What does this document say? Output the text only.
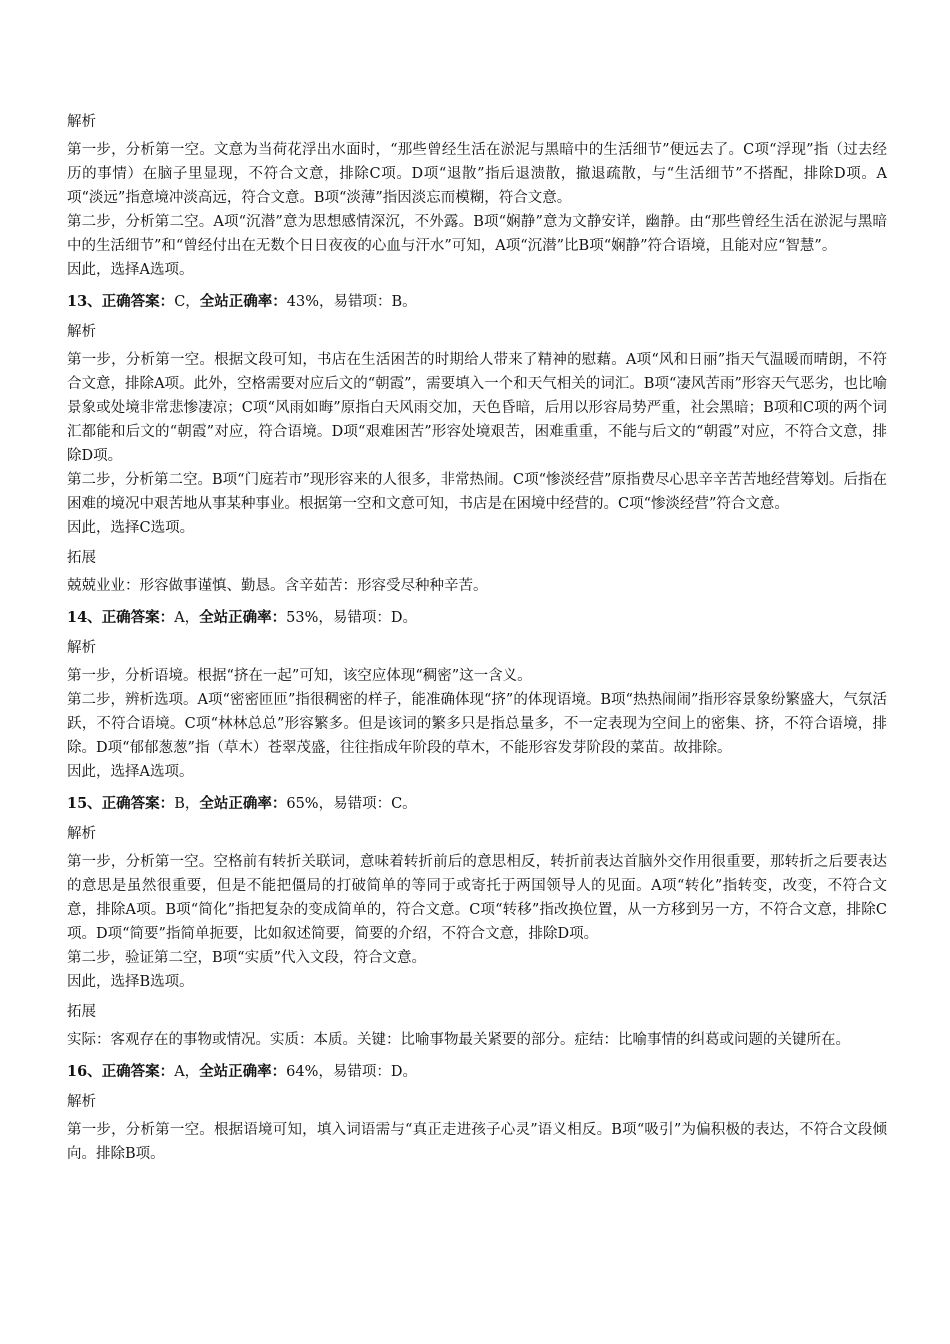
解析

第一步，分析第一空。文意为当荷花浮出水面时，“那些曾经生活在淤泥与黑暗中的生活细节”便远去了。C项“浮现”指（过去经历的事情）在脑子里显现，不符合文意，排除C项。D项“退散”指后退溃散，撤退疏散，与“生活细节”不搭配，排除D项。A项“淡远”指意境冲淡高远，符合文意。B项“淡薄”指因淡忘而模糊，符合文意。

第二步，分析第二空。A项“沉潜”意为思想感情深沉，不外露。B项“娴静”意为文静安详，幽静。由“那些曾经生活在淤泥与黑暗中的生活细节”和“曾经付出在无数个日日夜夜的心血与汗水”可知，A项“沉潜”比B项“娴静”符合语境，且能对应“智慧”。

因此，选择A选项。

13、正确答案：C，全站正确率：43%，易错项：B。
解析

第一步，分析第一空。根据文段可知，书店在生活困苦的时期给人带来了精神的慰藉。A项“风和日丽”指天气温暖而晴朗，不符合文意，排除A项。此外，空格需要对应后文的“朝霞”，需要填入一个和天气相关的词汇。B项“凄风苦雨”形容天气恶劣，也比喻景象或处境非常悲惨凄凉；C项“风雨如晦”原指白天风雨交加，天色昏暗，后用以形容局势严重，社会黑暗；B项和C项的两个词汇都能和后文的“朝霞”对应，符合语境。D项“艰难困苦”形容处境艰苦，困难重重，不能与后文的“朝霞”对应，不符合文意，排除D项。

第二步，分析第二空。B项“门庭若市”现形容来的人很多，非常热闹。C项“惨淡经营”原指费尽心思辛辛苦苦地经营筹划。后指在困难的境况中艰苦地从事某种事业。根据第一空和文意可知，书店是在困境中经营的。C项“惨淡经营”符合文意。

因此，选择C选项。

拓展

兢兢业业：形容做事谨慎、勤恳。含辛茹苦：形容受尽种种辛苦。

14、正确答案：A，全站正确率：53%，易错项：D。
解析

第一步，分析语境。根据“挤在一起”可知，该空应体现“稠密”这一含义。

第二步，辨析选项。A项“密密匝匝”指很稠密的样子，能准确体现“挤”的体现语境。B项“热热闹闹”指形容景象纷繁盛大，气氛活跃，不符合语境。C项“林林总总”形容繁多。但是该词的繁多只是指总量多，不一定表现为空间上的密集、挤，不符合语境，排除。D项“郁郁葱葱”指（草木）苍翠茂盛，往往指成年阶段的草木，不能形容发芽阶段的菜苗。故排除。

因此，选择A选项。

15、正确答案：B，全站正确率：65%，易错项：C。
解析

第一步，分析第一空。空格前有转折关联词，意味着转折前后的意思相反，转折前表达首脑外交作用很重要，那转折之后要表达的意思是虽然很重要，但是不能把僵局的打破简单的等同于或寄托于两国领导人的见面。A项“转化”指转变，改变，不符合文意，排除A项。B项“简化”指把复杂的变成简单的，符合文意。C项“转移”指改换位置，从一方移到另一方，不符合文意，排除C项。D项“简要”指简单扼要，比如叙述简要，简要的介绍，不符合文意，排除D项。

第二步，验证第二空，B项“实质”代入文段，符合文意。

因此，选择B选项。

拓展

实际：客观存在的事物或情况。实质：本质。关键：比喻事物最关紧要的部分。症结：比喻事情的纠葛或问题的关键所在。

16、正确答案：A，全站正确率：64%，易错项：D。
解析

第一步，分析第一空。根据语境可知，填入词语需与“真正走进孩子心灵”语义相反。B项“吸引”为偏积极的表达，不符合文段倾向。排除B项。
